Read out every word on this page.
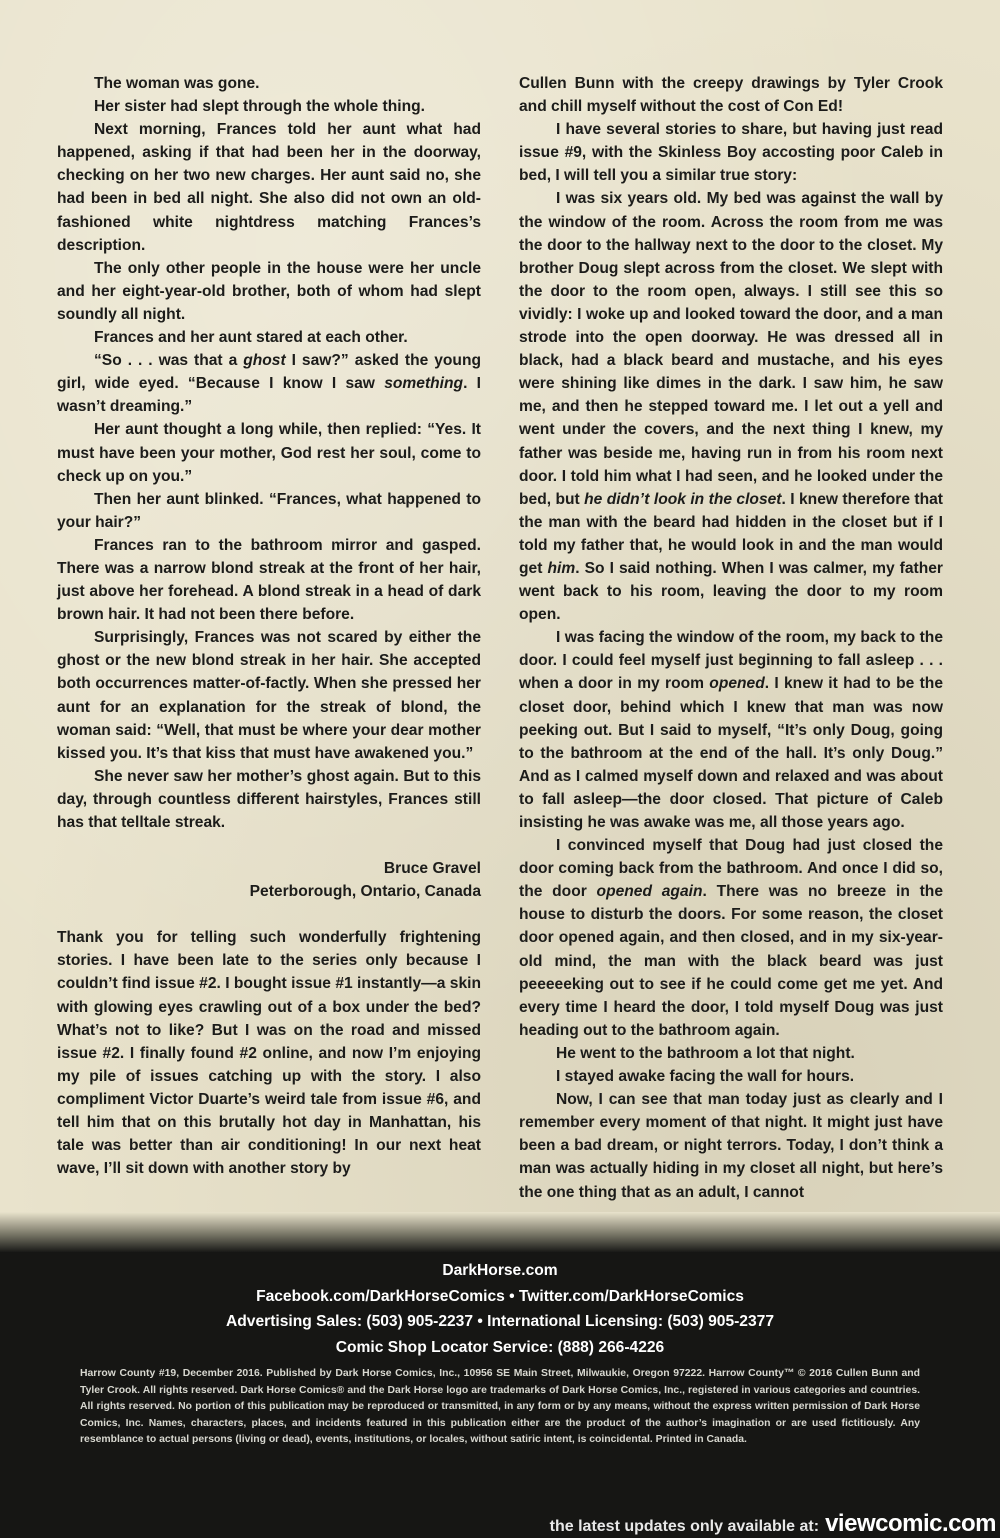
The woman was gone.

Her sister had slept through the whole thing.

Next morning, Frances told her aunt what had happened, asking if that had been her in the doorway, checking on her two new charges. Her aunt said no, she had been in bed all night. She also did not own an old-fashioned white nightdress matching Frances’s description.

The only other people in the house were her uncle and her eight-year-old brother, both of whom had slept soundly all night.

Frances and her aunt stared at each other.

“So . . . was that a ghost I saw?” asked the young girl, wide eyed. “Because I know I saw something. I wasn’t dreaming.”

Her aunt thought a long while, then replied: “Yes. It must have been your mother, God rest her soul, come to check up on you.”

Then her aunt blinked. “Frances, what happened to your hair?”

Frances ran to the bathroom mirror and gasped. There was a narrow blond streak at the front of her hair, just above her forehead. A blond streak in a head of dark brown hair. It had not been there before.

Surprisingly, Frances was not scared by either the ghost or the new blond streak in her hair. She accepted both occurrences matter-of-factly. When she pressed her aunt for an explanation for the streak of blond, the woman said: “Well, that must be where your dear mother kissed you. It’s that kiss that must have awakened you.”

She never saw her mother’s ghost again. But to this day, through countless different hairstyles, Frances still has that telltale streak.

Bruce Gravel

Peterborough, Ontario, Canada

Thank you for telling such wonderfully frightening stories. I have been late to the series only because I couldn’t find issue #2. I bought issue #1 instantly—a skin with glowing eyes crawling out of a box under the bed? What’s not to like? But I was on the road and missed issue #2. I finally found #2 online, and now I’m enjoying my pile of issues catching up with the story. I also compliment Victor Duarte’s weird tale from issue #6, and tell him that on this brutally hot day in Manhattan, his tale was better than air conditioning! In our next heat wave, I’ll sit down with another story by

Cullen Bunn with the creepy drawings by Tyler Crook and chill myself without the cost of Con Ed!

I have several stories to share, but having just read issue #9, with the Skinless Boy accosting poor Caleb in bed, I will tell you a similar true story:

I was six years old. My bed was against the wall by the window of the room. Across the room from me was the door to the hallway next to the door to the closet. My brother Doug slept across from the closet. We slept with the door to the room open, always. I still see this so vividly: I woke up and looked toward the door, and a man strode into the open doorway. He was dressed all in black, had a black beard and mustache, and his eyes were shining like dimes in the dark. I saw him, he saw me, and then he stepped toward me. I let out a yell and went under the covers, and the next thing I knew, my father was beside me, having run in from his room next door. I told him what I had seen, and he looked under the bed, but he didn’t look in the closet. I knew therefore that the man with the beard had hidden in the closet but if I told my father that, he would look in and the man would get him. So I said nothing. When I was calmer, my father went back to his room, leaving the door to my room open.

I was facing the window of the room, my back to the door. I could feel myself just beginning to fall asleep . . . when a door in my room opened. I knew it had to be the closet door, behind which I knew that man was now peeking out. But I said to myself, “It’s only Doug, going to the bathroom at the end of the hall. It’s only Doug.” And as I calmed myself down and relaxed and was about to fall asleep—the door closed. That picture of Caleb insisting he was awake was me, all those years ago.

I convinced myself that Doug had just closed the door coming back from the bathroom. And once I did so, the door opened again. There was no breeze in the house to disturb the doors. For some reason, the closet door opened again, and then closed, and in my six-year-old mind, the man with the black beard was just peeeeeking out to see if he could come get me yet. And every time I heard the door, I told myself Doug was just heading out to the bathroom again.

He went to the bathroom a lot that night.

I stayed awake facing the wall for hours.

Now, I can see that man today just as clearly and I remember every moment of that night. It might just have been a bad dream, or night terrors. Today, I don’t think a man was actually hiding in my closet all night, but here’s the one thing that as an adult, I cannot

DarkHorse.com
Facebook.com/DarkHorseComics • Twitter.com/DarkHorseComics
Advertising Sales: (503) 905-2237 • International Licensing: (503) 905-2377
Comic Shop Locator Service: (888) 266-4226
Harrow County #19, December 2016. Published by Dark Horse Comics, Inc., 10956 SE Main Street, Milwaukie, Oregon 97222. Harrow County™ © 2016 Cullen Bunn and Tyler Crook. All rights reserved. Dark Horse Comics® and the Dark Horse logo are trademarks of Dark Horse Comics, Inc., registered in various categories and countries. All rights reserved. No portion of this publication may be reproduced or transmitted, in any form or by any means, without the express written permission of Dark Horse Comics, Inc. Names, characters, places, and incidents featured in this publication either are the product of the author’s imagination or are used fictitiously. Any resemblance to actual persons (living or dead), events, institutions, or locales, without satiric intent, is coincidental. Printed in Canada.
the latest updates only available at: viewcomic.com
